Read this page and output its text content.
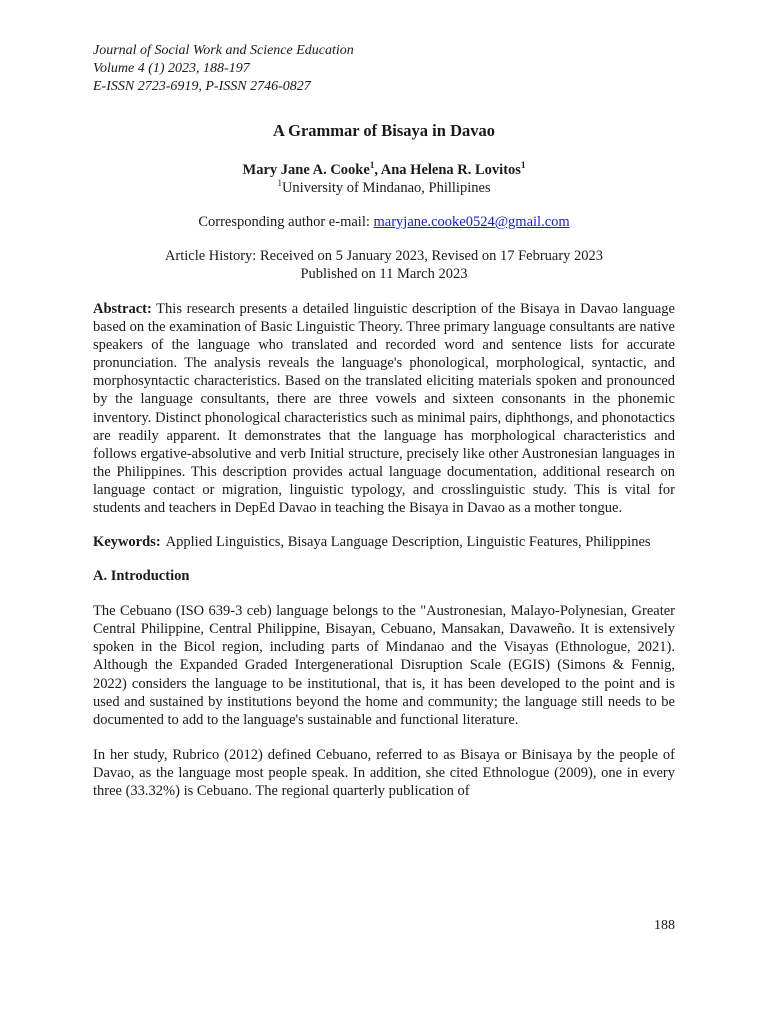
Journal of Social Work and Science Education
Volume 4 (1) 2023, 188-197
E-ISSN 2723-6919, P-ISSN 2746-0827
A Grammar of Bisaya in Davao
Mary Jane A. Cooke$^1$, Ana Helena R. Lovitos$^1$
$^1$University of Mindanao, Phillipines
Corresponding author e-mail: maryjane.cooke0524@gmail.com
Article History: Received on 5 January 2023, Revised on 17 February 2023
Published on 11 March 2023
Abstract: This research presents a detailed linguistic description of the Bisaya in Davao language based on the examination of Basic Linguistic Theory. Three primary language consultants are native speakers of the language who translated and recorded word and sentence lists for accurate pronunciation. The analysis reveals the language's phonological, morphological, syntactic, and morphosyntactic characteristics. Based on the translated eliciting materials spoken and pronounced by the language consultants, there are three vowels and sixteen consonants in the phonemic inventory. Distinct phonological characteristics such as minimal pairs, diphthongs, and phonotactics are readily apparent. It demonstrates that the language has morphological characteristics and follows ergative-absolutive and verb Initial structure, precisely like other Austronesian languages in the Philippines. This description provides actual language documentation, additional research on language contact or migration, linguistic typology, and crosslinguistic study. This is vital for students and teachers in DepEd Davao in teaching the Bisaya in Davao as a mother tongue.
Keywords: Applied Linguistics, Bisaya Language Description, Linguistic Features, Philippines
A. Introduction
The Cebuano (ISO 639-3 ceb) language belongs to the "Austronesian, Malayo-Polynesian, Greater Central Philippine, Central Philippine, Bisayan, Cebuano, Mansakan, Davaweño. It is extensively spoken in the Bicol region, including parts of Mindanao and the Visayas (Ethnologue, 2021). Although the Expanded Graded Intergenerational Disruption Scale (EGIS) (Simons & Fennig, 2022) considers the language to be institutional, that is, it has been developed to the point and is used and sustained by institutions beyond the home and community; the language still needs to be documented to add to the language's sustainable and functional literature.
In her study, Rubrico (2012) defined Cebuano, referred to as Bisaya or Binisaya by the people of Davao, as the language most people speak. In addition, she cited Ethnologue (2009), one in every three (33.32%) is Cebuano. The regional quarterly publication of
188
